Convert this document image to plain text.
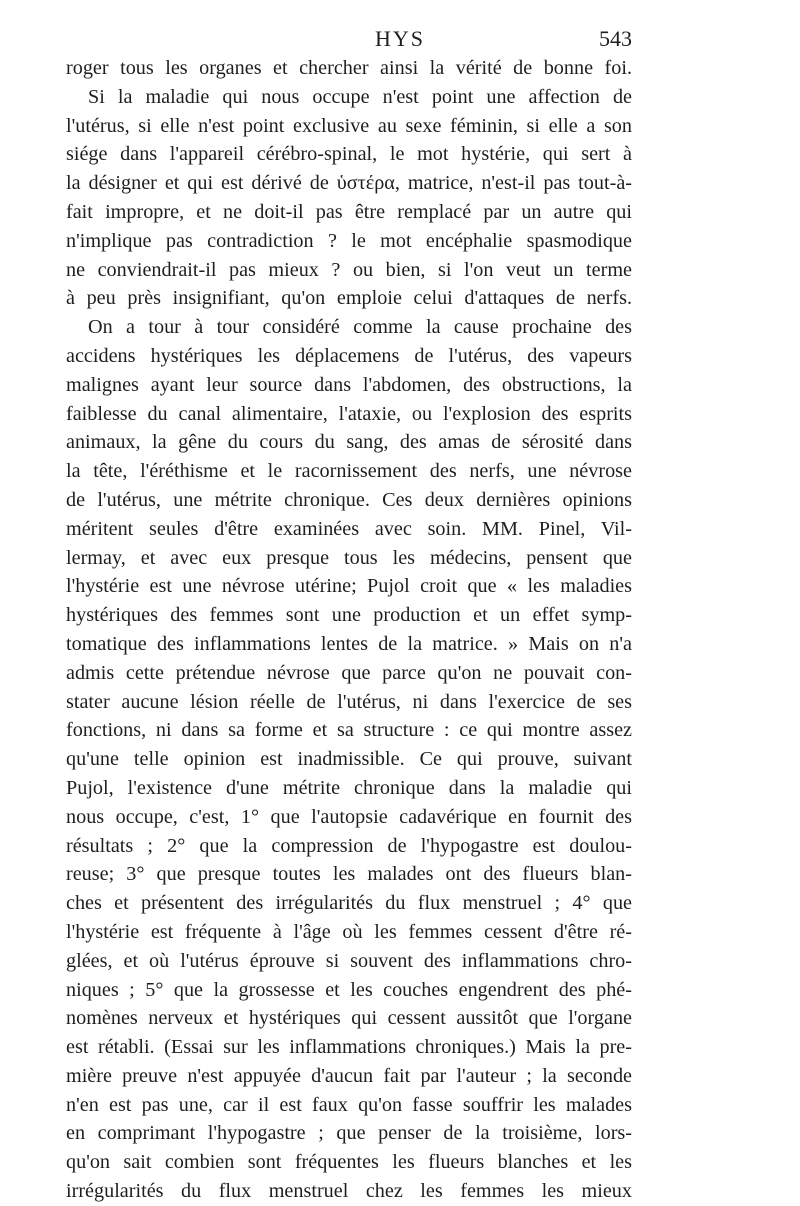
HYS	543
roger tous les organes et chercher ainsi la vérité de bonne foi.
Si la maladie qui nous occupe n'est point une affection de
l'utérus, si elle n'est point exclusive au sexe féminin, si elle a son
siége dans l'appareil cérébro-spinal, le mot hystérie, qui sert à
la désigner et qui est dérivé de ὑστέρα, matrice, n'est-il pas tout-à-
fait impropre, et ne doit-il pas être remplacé par un autre qui
n'implique pas contradiction ? le mot encéphalie spasmodique
ne conviendrait-il pas mieux ? ou bien, si l'on veut un terme
à peu près insignifiant, qu'on emploie celui d'attaques de nerfs.
On a tour à tour considéré comme la cause prochaine des
accidens hystériques les déplacemens de l'utérus, des vapeurs
malignes ayant leur source dans l'abdomen, des obstructions, la
faiblesse du canal alimentaire, l'ataxie, ou l'explosion des esprits
animaux, la gêne du cours du sang, des amas de sérosité dans
la tête, l'éréthisme et le racornissement des nerfs, une névrose
de l'utérus, une métrite chronique. Ces deux dernières opinions
méritent seules d'être examinées avec soin. MM. Pinel, Vil-
lermay, et avec eux presque tous les médecins, pensent que
l'hystérie est une névrose utérine; Pujol croit que « les maladies
hystériques des femmes sont une production et un effet symp-
tomatique des inflammations lentes de la matrice. » Mais on n'a
admis cette prétendue névrose que parce qu'on ne pouvait con-
stater aucune lésion réelle de l'utérus, ni dans l'exercice de ses
fonctions, ni dans sa forme et sa structure : ce qui montre assez
qu'une telle opinion est inadmissible. Ce qui prouve, suivant
Pujol, l'existence d'une métrite chronique dans la maladie qui
nous occupe, c'est, 1° que l'autopsie cadavérique en fournit des
résultats ; 2° que la compression de l'hypogastre est doulou-
reuse; 3° que presque toutes les malades ont des flueurs blan-
ches et présentent des irrégularités du flux menstruel ; 4° que
l'hystérie est fréquente à l'âge où les femmes cessent d'être ré-
glées, et où l'utérus éprouve si souvent des inflammations chro-
niques ; 5° que la grossesse et les couches engendrent des phé-
nomènes nerveux et hystériques qui cessent aussitôt que l'organe
est rétabli. (Essai sur les inflammations chroniques.) Mais la pre-
mière preuve n'est appuyée d'aucun fait par l'auteur ; la seconde
n'en est pas une, car il est faux qu'on fasse souffrir les malades
en comprimant l'hypogastre ; que penser de la troisième, lors-
qu'on sait combien sont fréquentes les flueurs blanches et les
irrégularités du flux menstruel chez les femmes les mieux
